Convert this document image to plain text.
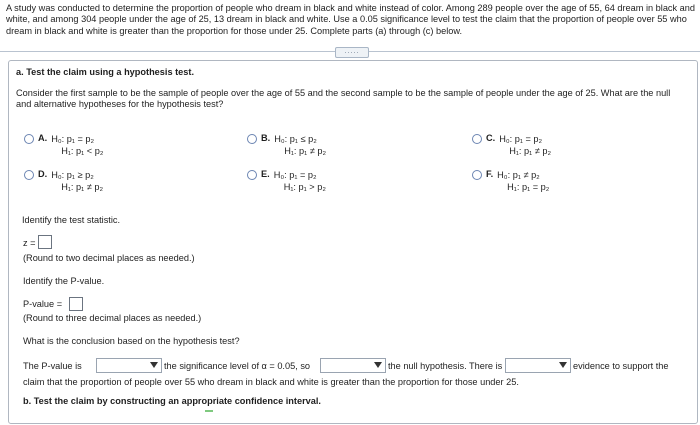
A study was conducted to determine the proportion of people who dream in black and white instead of color. Among 289 people over the age of 55, 64 dream in black and white, and among 304 people under the age of 25, 13 dream in black and white. Use a 0.05 significance level to test the claim that the proportion of people over 55 who dream in black and white is greater than the proportion for those under 25. Complete parts (a) through (c) below.
.....
a. Test the claim using a hypothesis test.
Consider the first sample to be the sample of people over the age of 55 and the second sample to be the sample of people under the age of 25. What are the null and alternative hypotheses for the hypothesis test?
A. H₀: p₁ = p₂
H₁: p₁ < p₂
B. H₀: p₁ ≤ p₂
H₁: p₁ ≠ p₂
C. H₀: p₁ = p₂
H₁: p₁ ≠ p₂
D. H₀: p₁ ≥ p₂
H₁: p₁ ≠ p₂
E. H₀: p₁ = p₂
H₁: p₁ > p₂
F. H₀: p₁ ≠ p₂
H₁: p₁ = p₂
Identify the test statistic.
z =
(Round to two decimal places as needed.)
Identify the P-value.
P-value =
(Round to three decimal places as needed.)
What is the conclusion based on the hypothesis test?
The P-value is	the significance level of α = 0.05, so	the null hypothesis. There is	evidence to support the
claim that the proportion of people over 55 who dream in black and white is greater than the proportion for those under 25.
b. Test the claim by constructing an appropriate confidence interval.
